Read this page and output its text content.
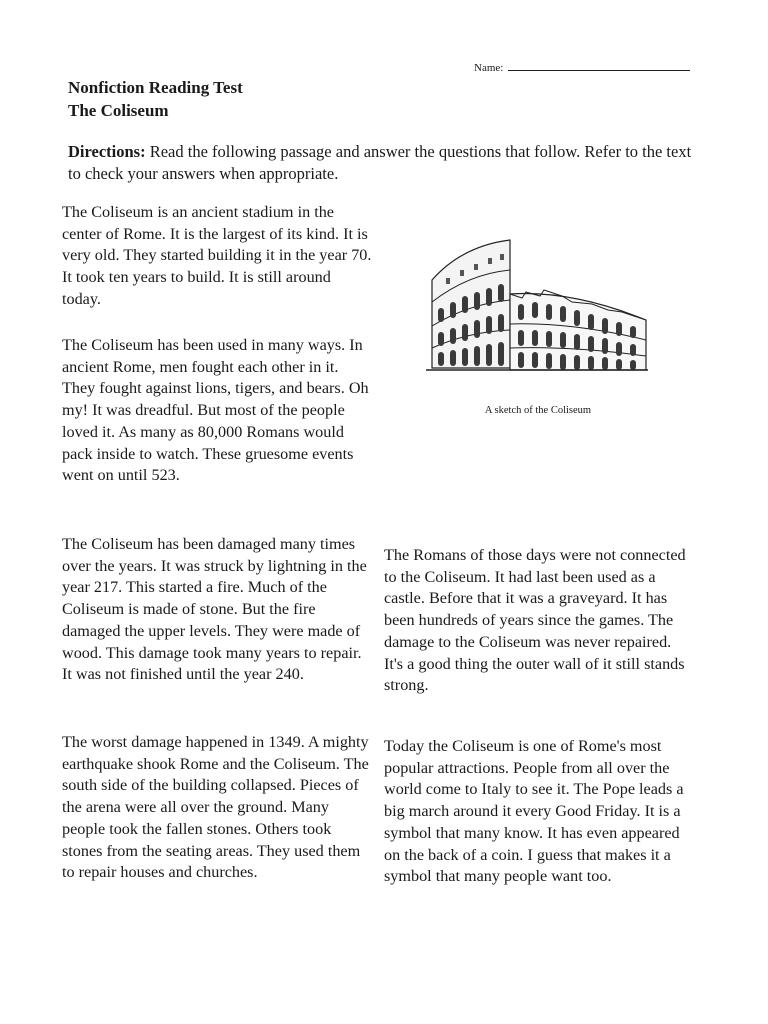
Name:
Nonfiction Reading Test
The Coliseum
Directions: Read the following passage and answer the questions that follow. Refer to the text to check your answers when appropriate.

The Coliseum is an ancient stadium in the center of Rome. It is the largest of its kind. It is very old. They started building it in the year 70. It took ten years to build. It is still around today.

The Coliseum has been used in many ways. In ancient Rome, men fought each other in it. They fought against lions, tigers, and bears. Oh my! It was dreadful. But most of the people loved it. As many as 80,000 Romans would pack inside to watch. These gruesome events went on until 523.

The Coliseum has been damaged many times over the years. It was struck by lightning in the year 217. This started a fire. Much of the Coliseum is made of stone. But the fire damaged the upper levels. They were made of wood. This damage took many years to repair. It was not finished until the year 240.

The worst damage happened in 1349. A mighty earthquake shook Rome and the Coliseum. The south side of the building collapsed. Pieces of the arena were all over the ground. Many people took the fallen stones. Others took stones from the seating areas. They used them to repair houses and churches.

The Romans of those days were not connected to the Coliseum. It had last been used as a castle. Before that it was a graveyard. It has been hundreds of years since the games. The damage to the Coliseum was never repaired. It's a good thing the outer wall of it still stands strong.

Today the Coliseum is one of Rome's most popular attractions. People from all over the world come to Italy to see it. The Pope leads a big march around it every Good Friday. It is a symbol that many know. It has even appeared on the back of a coin. I guess that makes it a symbol that many people want too.

A sketch of the Coliseum
